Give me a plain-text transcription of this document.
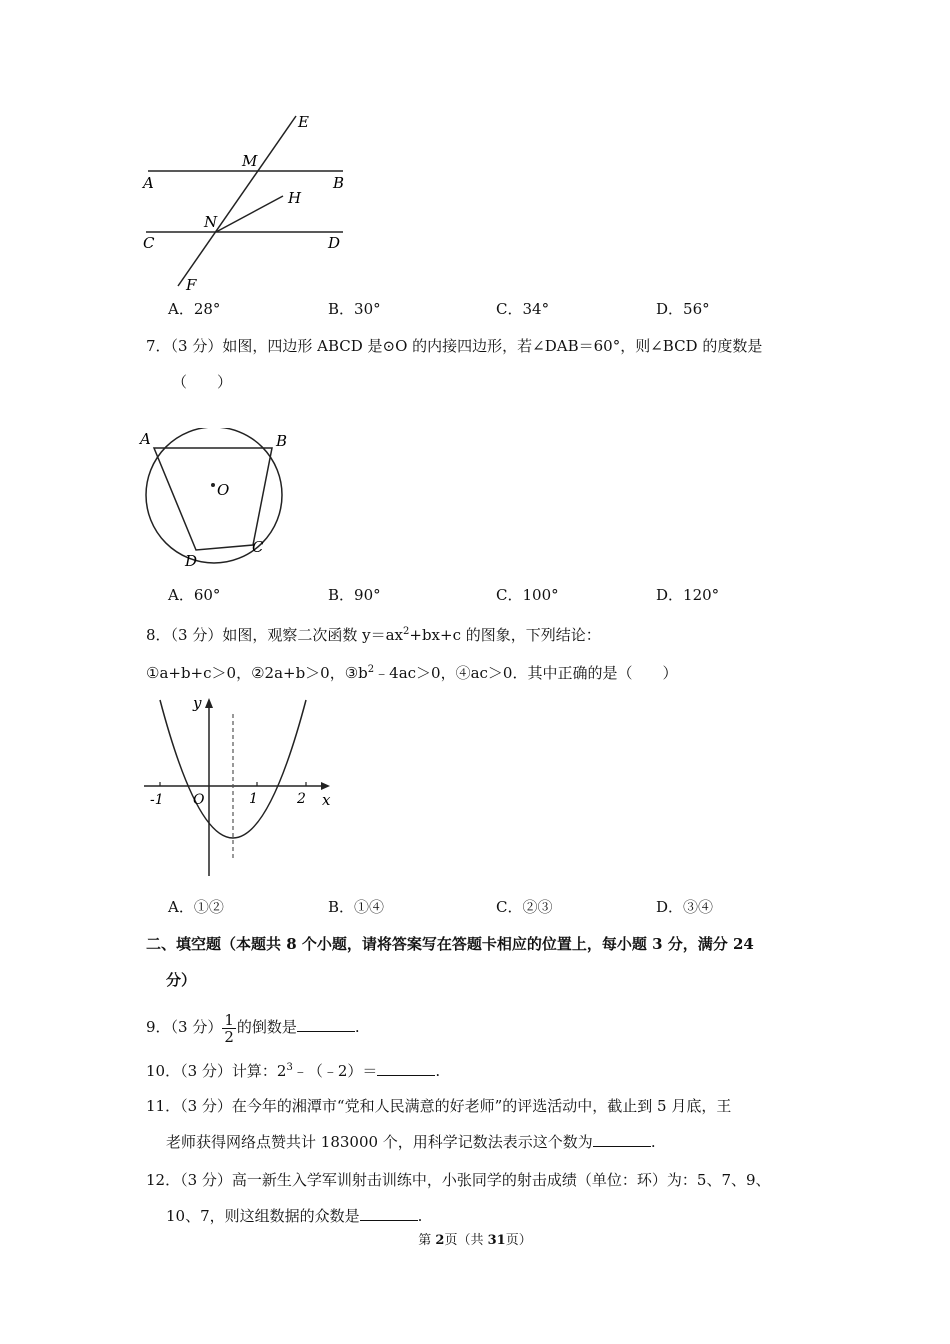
E
M
A	B
H
N
C	D
F
A．28°	B．30°	C．34°	D．56°
7．（3 分）如图，四边形 ABCD 是⊙O 的内接四边形，若∠DAB＝60°，则∠BCD 的度数是
（　　）
A	B
O
C
D
A．60°	B．90°	C．100°	D．120°
8．（3 分）如图，观察二次函数 $y=ax^2+bx+c$ 的图象，下列结论：
①a+b+c＞0，②2a+b＞0，$③b^2﹣4ac>0$，④ac＞0．其中正确的是（　　）
y
x
-1 O	1	2
A．①②	B．①④	C．②③	D．③④
二、填空题（本题共 8 个小题，请将答案写在答题卡相应的位置上，每小题 3 分，满分 24
分）
9．（3 分） $\frac{1}{2}$ 的倒数是	.
10．（3 分）计算：$2^3﹣(﹣2)=$	.
11．（3 分）在今年的湘潭市“党和人民满意的好老师”的评选活动中，截止到 5 月底，王
老师获得网络点赞共计 183000 个，用科学记数法表示这个数为	.
12．（3 分）高一新生入学军训射击训练中，小张同学的射击成绩（单位：环）为：5、7、9、
10、7，则这组数据的众数是	.
第 2页（共 31页）
